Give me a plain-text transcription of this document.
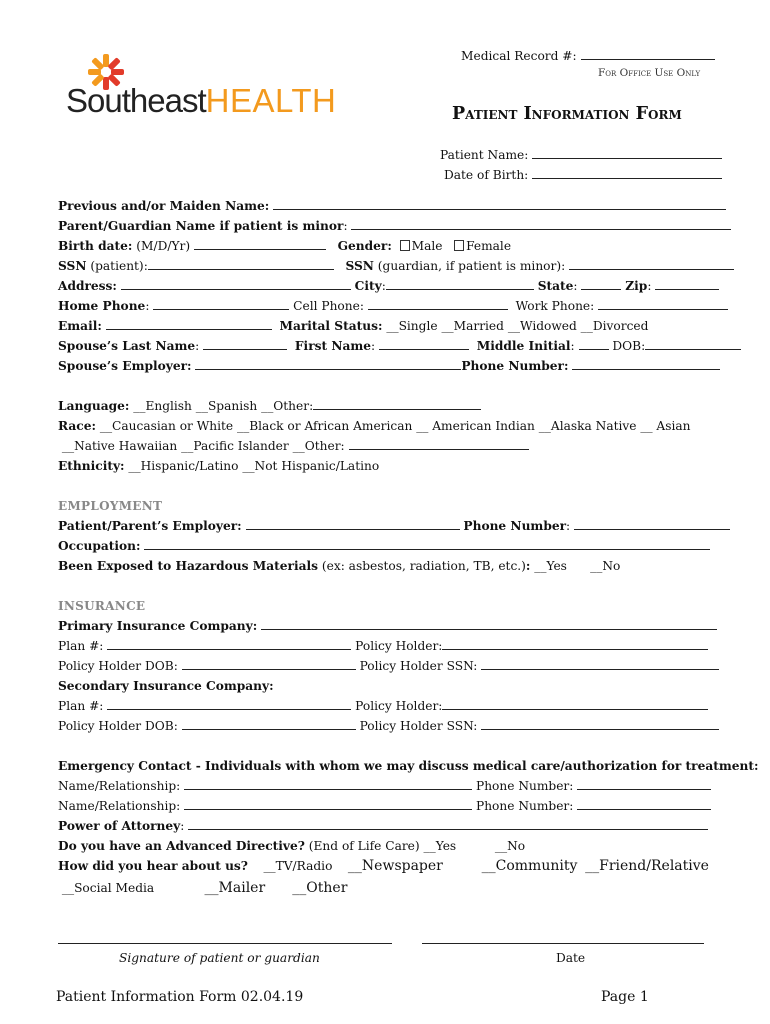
SoutheastHEALTH
Medical Record #:
For Office Use Only
Patient Information Form
Patient Name:
Date of Birth:
Previous and/or Maiden Name:
Parent/Guardian Name if patient is minor:
Birth date: (M/D/Yr)	Gender: Male Female
SSN (patient):	SSN (guardian, if patient is minor):
Address:	City:	State:	Zip:
Home Phone:	Cell Phone:	Work Phone:
Email:	Marital Status: __Single __Married __Widowed __Divorced
Spouse’s Last Name:	First Name:	Middle Initial:	DOB:
Spouse’s Employer:	Phone Number:
Language: __English __Spanish __Other:
Race: __Caucasian or White __Black or African American __ American Indian __Alaska Native __ Asian
__Native Hawaiian __Pacific Islander __Other:
Ethnicity: __Hispanic/Latino __Not Hispanic/Latino
EMPLOYMENT
Patient/Parent’s Employer:	Phone Number:
Occupation:
Been Exposed to Hazardous Materials (ex: asbestos, radiation, TB, etc.): __Yes __No
INSURANCE
Primary Insurance Company:
Plan #:	Policy Holder:
Policy Holder DOB:	Policy Holder SSN:
Secondary Insurance Company:
Plan #:	Policy Holder:
Policy Holder DOB:	Policy Holder SSN:
Emergency Contact - Individuals with whom we may discuss medical care/authorization for treatment:
Name/Relationship:	Phone Number:
Name/Relationship:	Phone Number:
Power of Attorney:
Do you have an Advanced Directive? (End of Life Care) __Yes	__No
How did you hear about us? __TV/Radio __Newspaper	__Community __Friend/Relative
__Social Media	__Mailer __Other
Signature of patient or guardian	Date
Patient Information Form 02.04.19	Page 1
